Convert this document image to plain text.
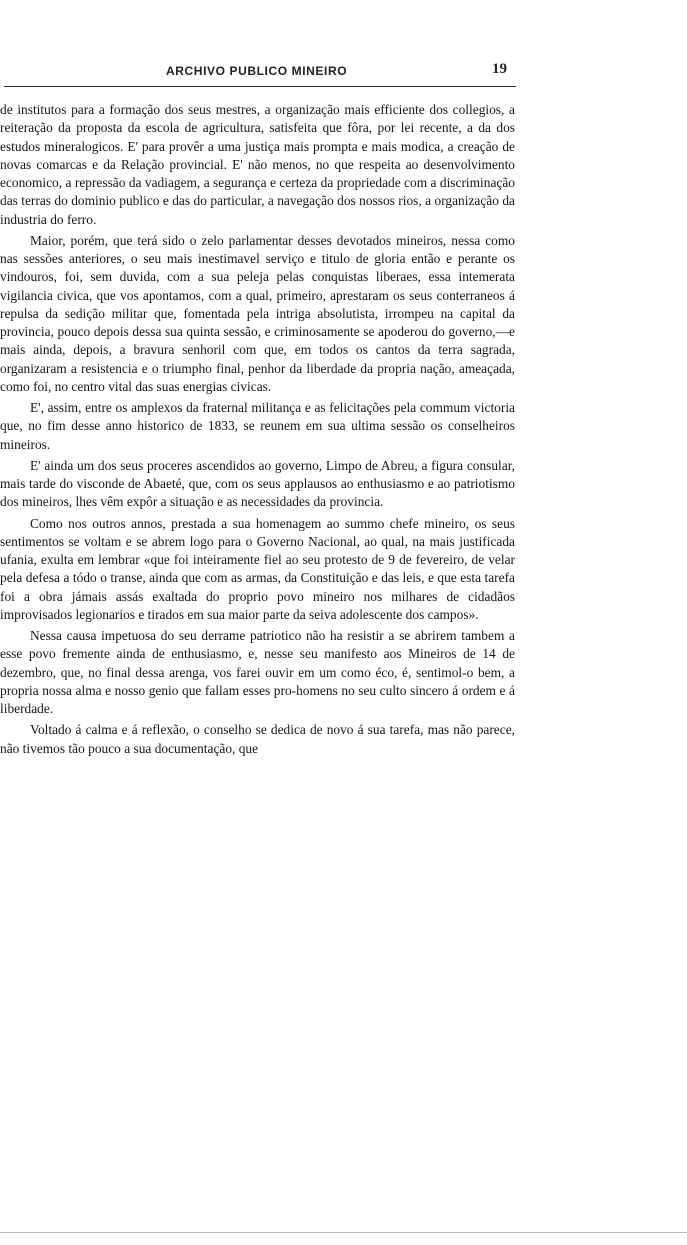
ARCHIVO PUBLICO MINEIRO	19

de institutos para a formação dos seus mestres, a organização mais efficiente dos collegios, a reiteração da proposta da escola de agricultura, satisfeita que fôra, por lei recente, a da dos estudos mineralogicos. E' para provêr a uma justiça mais prompta e mais modica, a creação de novas comarcas e da Relação provincial. E' não menos, no que respeita ao desenvolvimento economico, a repressão da vadiagem, a segurança e certeza da propriedade com a discriminação das terras do dominio publico e das do particular, a navegação dos nossos rios, a organização da industria do ferro.

Maior, porém, que terá sido o zelo parlamentar desses devotados mineiros, nessa como nas sessões anteriores, o seu mais inestimavel serviço e titulo de gloria então e perante os vindouros, foi, sem duvida, com a sua peleja pelas conquistas liberaes, essa intemerata vigilancia civica, que vos apontamos, com a qual, primeiro, aprestaram os seus conterraneos á repulsa da sedição militar que, fomentada pela intriga absolutista, irrompeu na capital da provincia, pouco depois dessa sua quinta sessão, e criminosamente se apoderou do governo,—e mais ainda, depois, a bravura senhoril com que, em todos os cantos da terra sagrada, organizaram a resistencia e o triumpho final, penhor da liberdade da propria nação, ameaçada, como foi, no centro vital das suas energias civicas.

E', assim, entre os amplexos da fraternal militança e as felicitações pela commum victoria que, no fim desse anno historico de 1833, se reunem em sua ultima sessão os conselheiros mineiros.

E' ainda um dos seus proceres ascendidos ao governo, Limpo de Abreu, a figura consular, mais tarde do visconde de Abaeté, que, com os seus applausos ao enthusiasmo e ao patriotismo dos mineiros, lhes vêm expôr a situação e as necessidades da provincia.

Como nos outros annos, prestada a sua homenagem ao summo chefe mineiro, os seus sentimentos se voltam e se abrem logo para o Governo Nacional, ao qual, na mais justificada ufania, exulta em lembrar «que foi inteiramente fiel ao seu protesto de 9 de fevereiro, de velar pela defesa a tódo o transe, ainda que com as armas, da Constituição e das leis, e que esta tarefa foi a obra jámais assás exaltada do proprio povo mineiro nos milhares de cidadãos improvisados legionarios e tirados em sua maior parte da seiva adolescente dos campos».

Nessa causa impetuosa do seu derrame patriotico não ha resistir a se abrirem tambem a esse povo fremente ainda de enthusiasmo, e, nesse seu manifesto aos Mineiros de 14 de dezembro, que, no final dessa arenga, vos farei ouvir em um como éco, é, sentimol-o bem, a propria nossa alma e nosso genio que fallam esses pro-homens no seu culto sincero á ordem e á liberdade.

Voltado á calma e á reflexão, o conselho se dedica de novo á sua tarefa, mas não parece, não tivemos tão pouco a sua documentação, que
